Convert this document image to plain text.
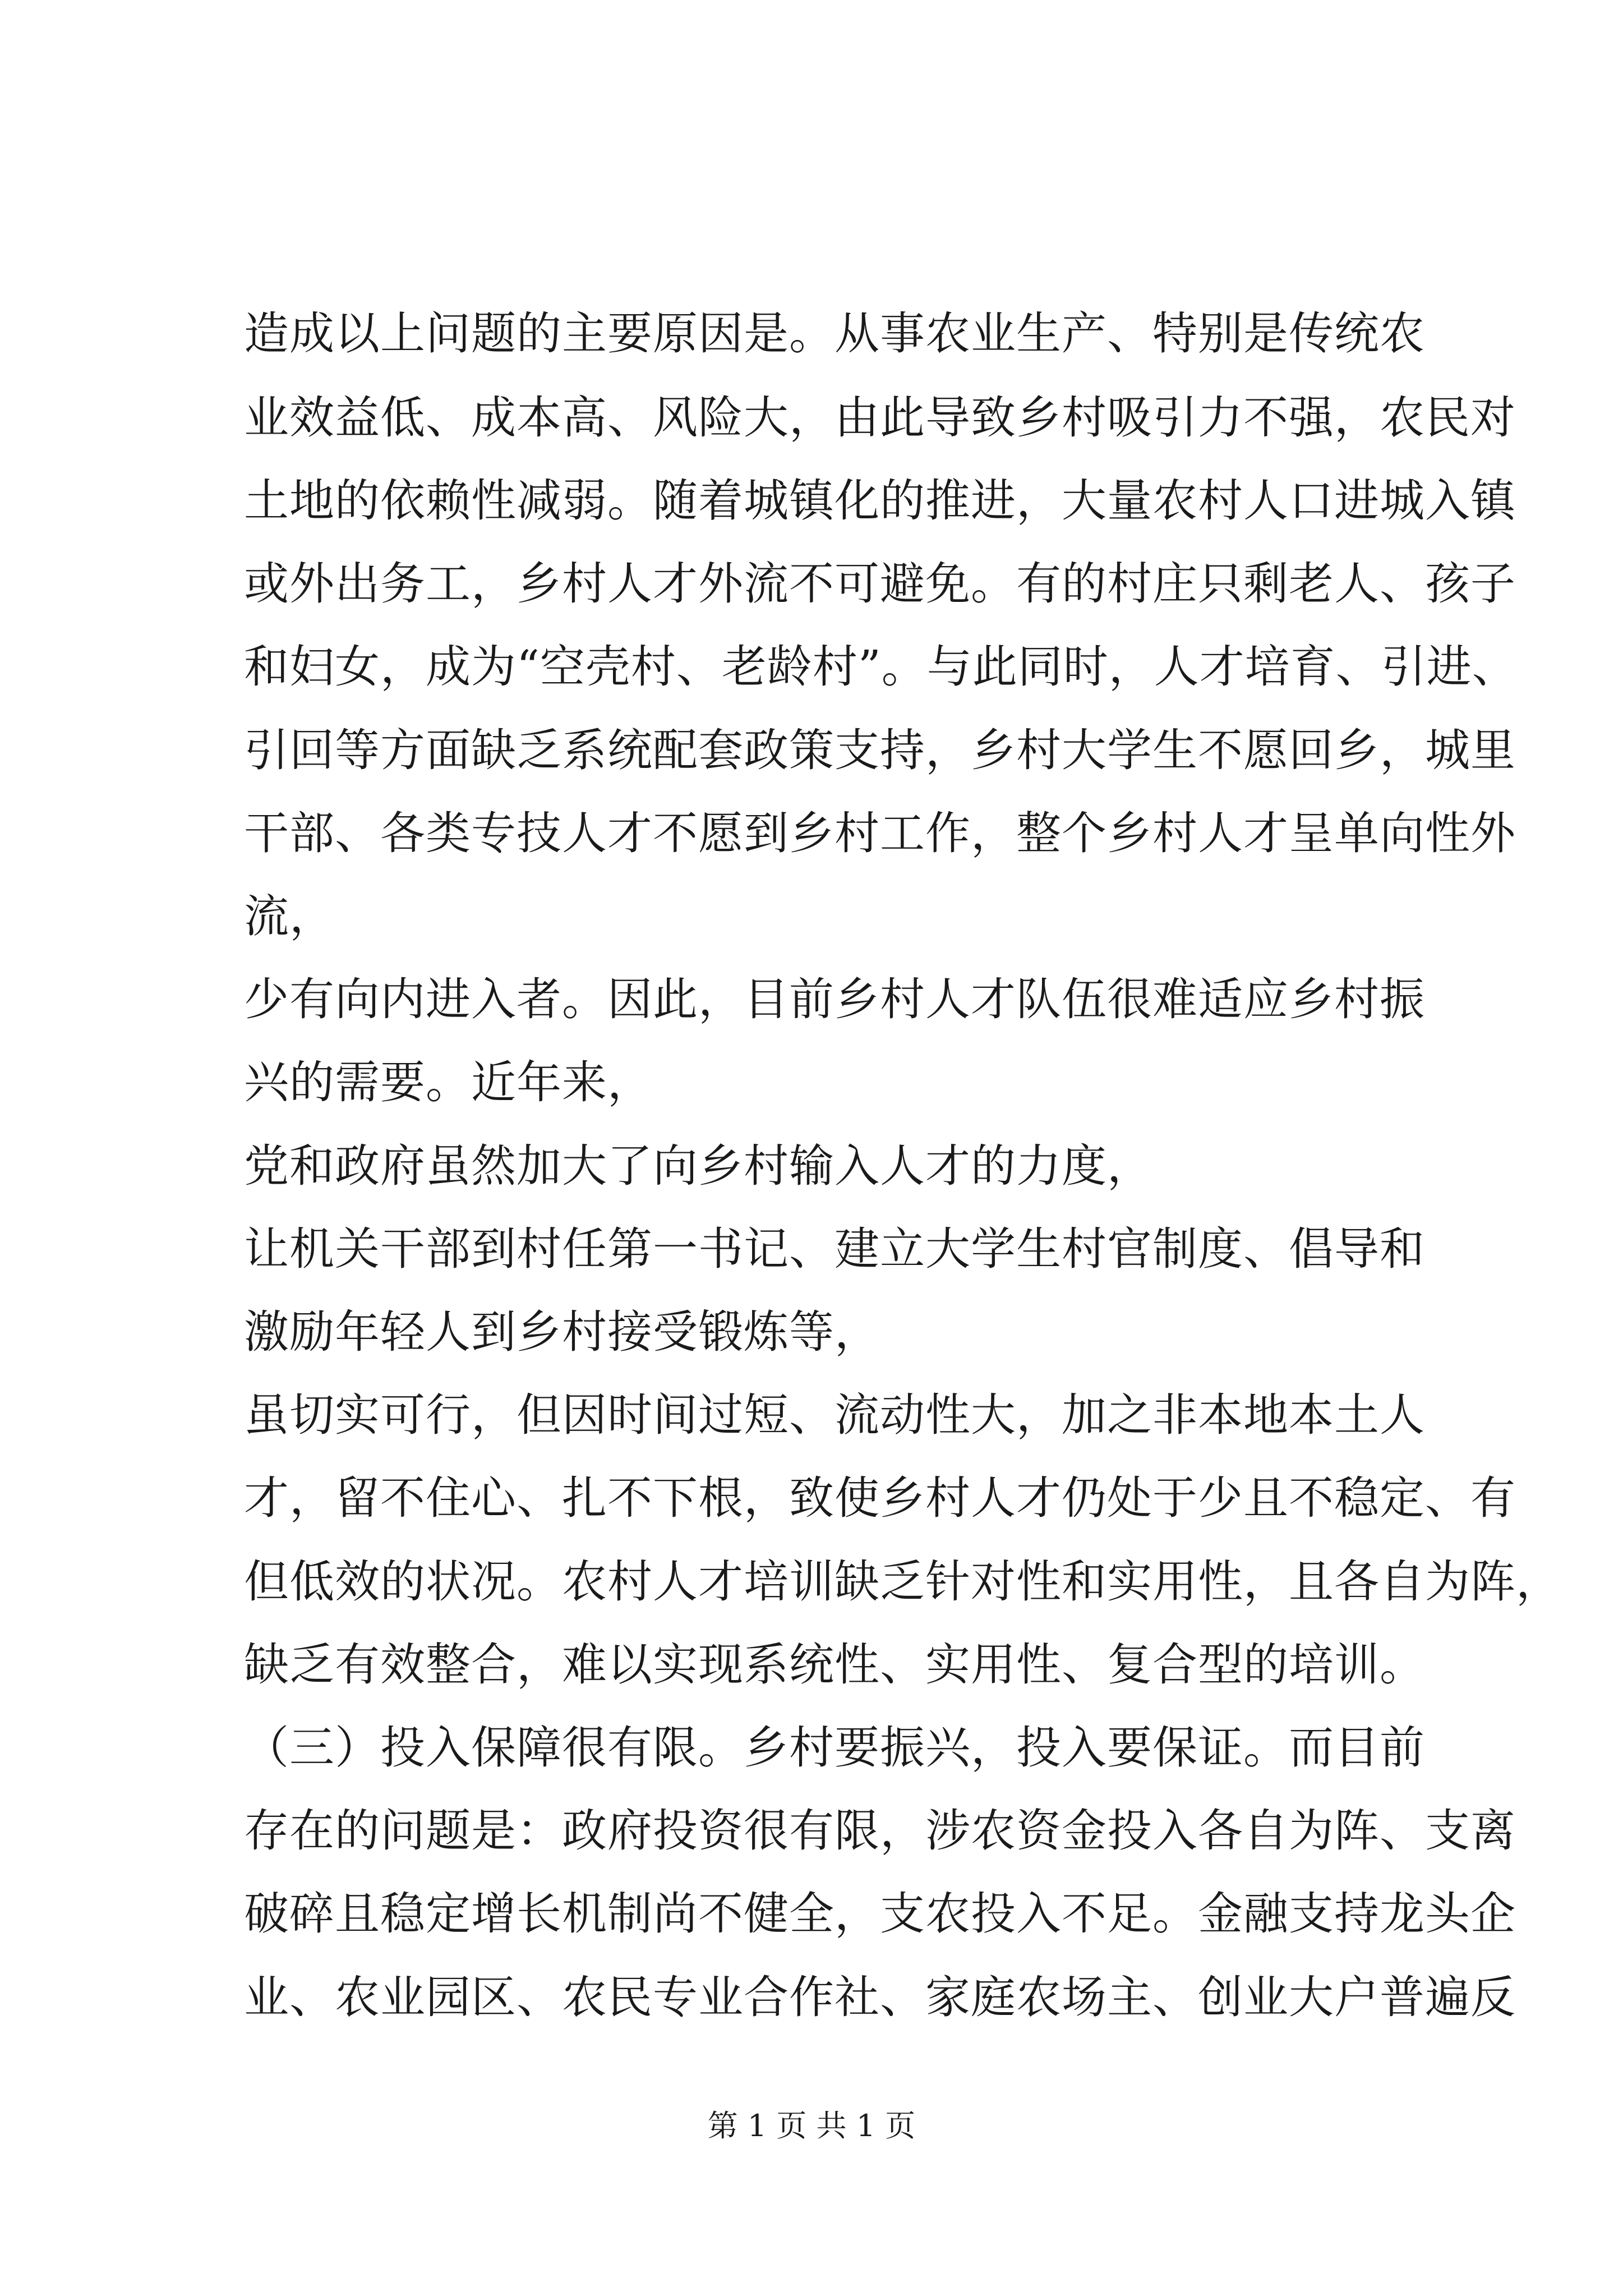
造成以上问题的主要原因是。从事农业生产、特别是传统农
业效益低、成本高、风险大，由此导致乡村吸引力不强，农民对
土地的依赖性减弱。随着城镇化的推进，大量农村人口进城入镇
或外出务工，乡村人才外流不可避免。有的村庄只剩老人、孩子
和妇女，成为“空壳村、老龄村”。与此同时，人才培育、引进、
引回等方面缺乏系统配套政策支持，乡村大学生不愿回乡，城里
干部、各类专技人才不愿到乡村工作，整个乡村人才呈单向性外
流，
少有向内进入者。因此，目前乡村人才队伍很难适应乡村振
兴的需要。近年来，
党和政府虽然加大了向乡村输入人才的力度，
让机关干部到村任第一书记、建立大学生村官制度、倡导和
激励年轻人到乡村接受锻炼等，
虽切实可行，但因时间过短、流动性大，加之非本地本土人
才，留不住心、扎不下根，致使乡村人才仍处于少且不稳定、有
但低效的状况。农村人才培训缺乏针对性和实用性，且各自为阵，
缺乏有效整合，难以实现系统性、实用性、复合型的培训。
（三）投入保障很有限。乡村要振兴，投入要保证。而目前
存在的问题是：政府投资很有限，涉农资金投入各自为阵、支离
破碎且稳定增长机制尚不健全，支农投入不足。金融支持龙头企
业、农业园区、农民专业合作社、家庭农场主、创业大户普遍反
第 1 页 共 1 页
